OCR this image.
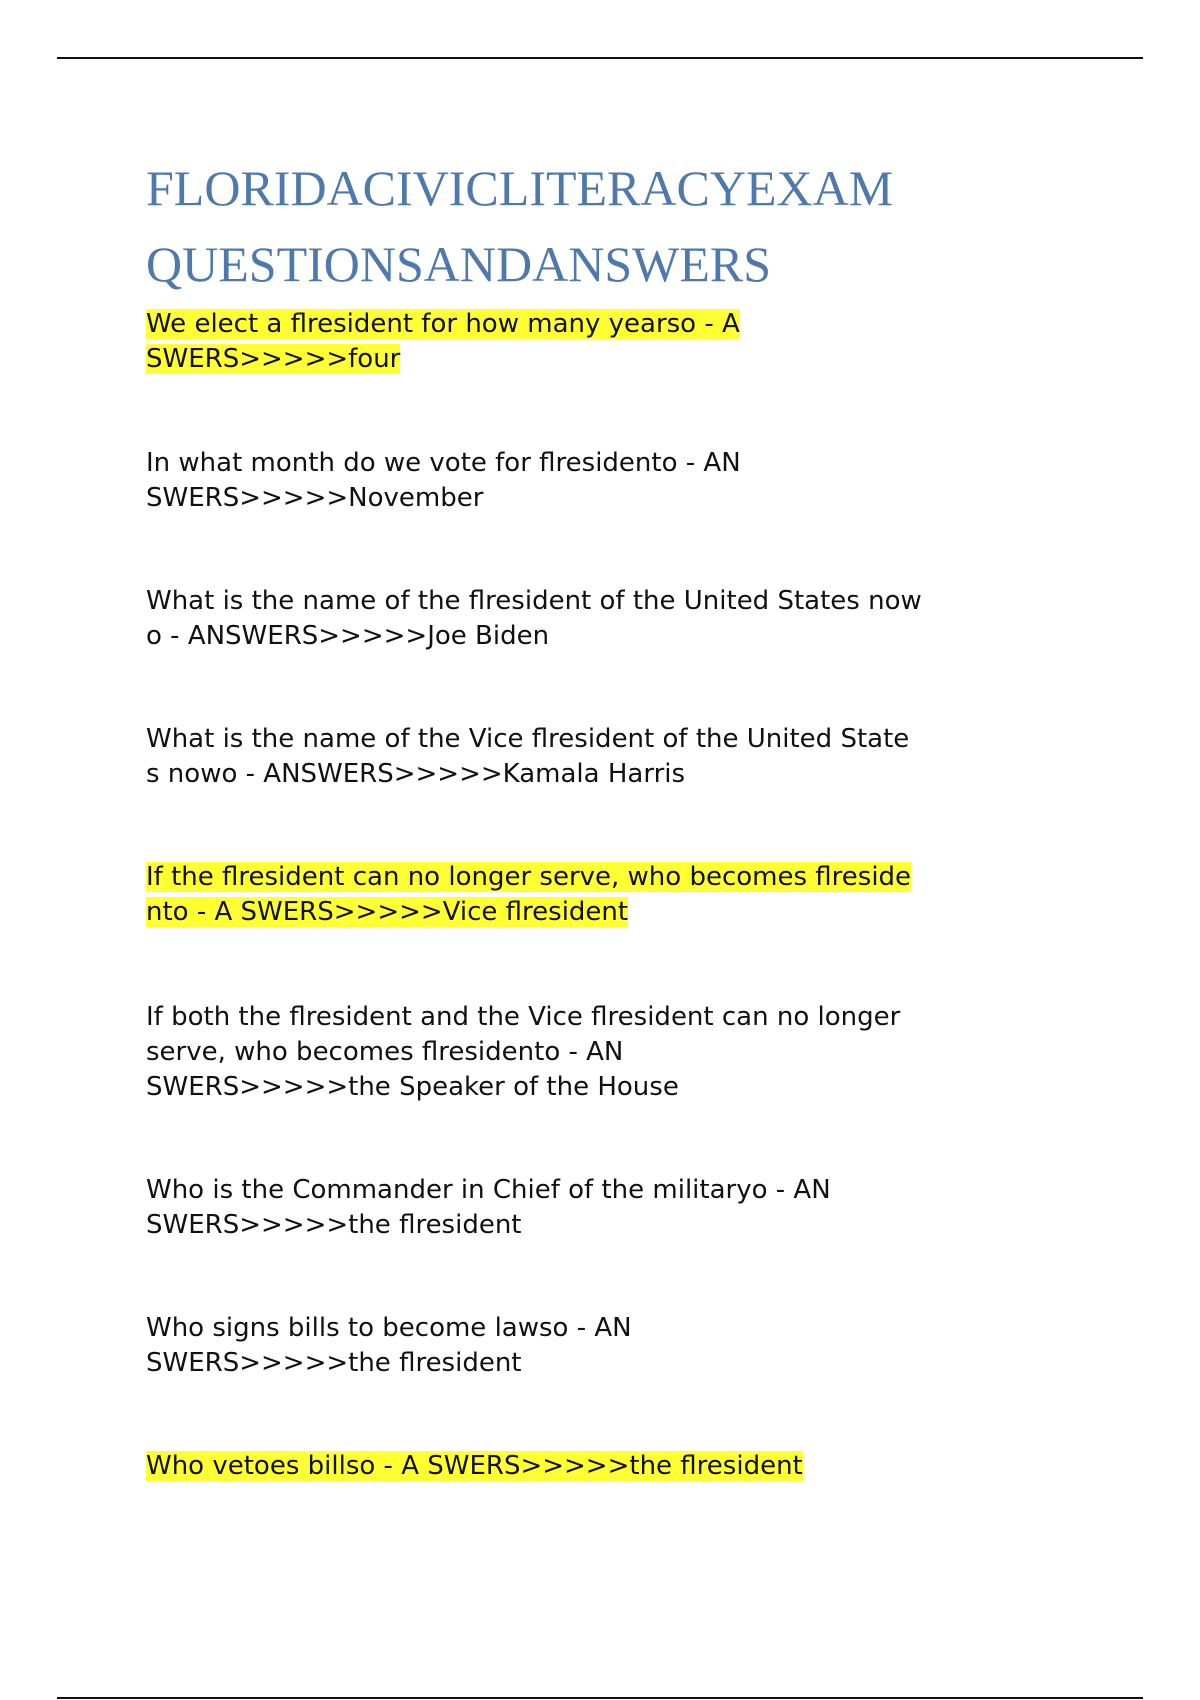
FLORIDACIVICLITERACYEXAM
QUESTIONSANDANSWERS

We elect a flresident for how many yearso - A
SWERS>>>>>four

In what month do we vote for flresidento - AN
SWERS>>>>>November

What is the name of the flresident of the United States now
o - ANSWERS>>>>>Joe Biden

What is the name of the Vice flresident of the United State
s nowo - ANSWERS>>>>>Kamala Harris

If the flresident can no longer serve, who becomes flreside
nto - A SWERS>>>>>Vice flresident

If both the flresident and the Vice flresident can no longer
serve, who becomes flresidento - AN
SWERS>>>>>the Speaker of the House

Who is the Commander in Chief of the militaryo - AN
SWERS>>>>>the flresident

Who signs bills to become lawso - AN
SWERS>>>>>the flresident

Who vetoes billso - A SWERS>>>>>the flresident
